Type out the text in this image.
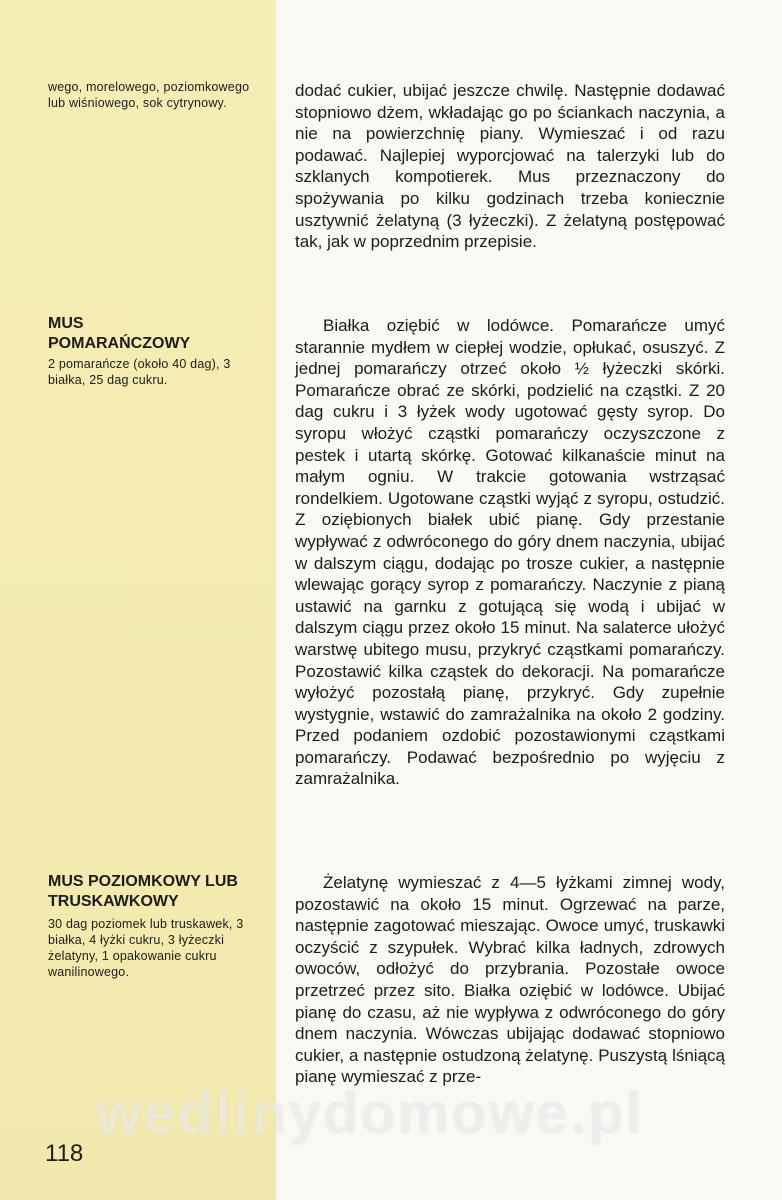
wego, morelowego, poziomkowego lub wiśniowego, sok cytrynowy.
MUS POMARAŃCZOWY
2 pomarańcze (około 40 dag), 3 białka, 25 dag cukru.
MUS POZIOMKOWY LUB TRUSKAWKOWY
30 dag poziomek lub truskawek, 3 białka, 4 łyżki cukru, 3 łyżeczki żelatyny, 1 opakowanie cukru wanilinowego.
dodać cukier, ubijać jeszcze chwilę. Następnie dodawać stopniowo dżem, wkładając go po ściankach naczynia, a nie na powierzchnię piany. Wymieszać i od razu podawać. Najlepiej wyporcjować na talerzyki lub do szklanych kompotierek. Mus przeznaczony do spożywania po kilku godzinach trzeba koniecznie usztywnić żelatyną (3 łyżeczki). Z żelatyną postępować tak, jak w poprzednim przepisie.
Białka oziębić w lodówce. Pomarańcze umyć starannie mydłem w ciepłej wodzie, opłukać, osuszyć. Z jednej pomarańczy otrzeć około ½ łyżeczki skórki. Pomarańcze obrać ze skórki, podzielić na cząstki. Z 20 dag cukru i 3 łyżek wody ugotować gęsty syrop. Do syropu włożyć cząstki pomarańczy oczyszczone z pestek i utartą skórkę. Gotować kilkanaście minut na małym ogniu. W trakcie gotowania wstrząsać rondelkiem. Ugotowane cząstki wyjąć z syropu, ostudzić. Z oziębionych białek ubić pianę. Gdy przestanie wypływać z odwróconego do góry dnem naczynia, ubijać w dalszym ciągu, dodając po trosze cukier, a następnie wlewając gorący syrop z pomarańczy. Naczynie z pianą ustawić na garnku z gotującą się wodą i ubijać w dalszym ciągu przez około 15 minut. Na salaterce ułożyć warstwę ubitego musu, przykryć cząstkami pomarańczy. Pozostawić kilka cząstek do dekoracji. Na pomarańcze wyłożyć pozostałą pianę, przykryć. Gdy zupełnie wystygnie, wstawić do zamrażalnika na około 2 godziny. Przed podaniem ozdobić pozostawionymi cząstkami pomarańczy. Podawać bezpośrednio po wyjęciu z zamrażalnika.
Żelatynę wymieszać z 4—5 łyżkami zimnej wody, pozostawić na około 15 minut. Ogrzewać na parze, następnie zagotować mieszając. Owoce umyć, truskawki oczyścić z szypułek. Wybrać kilka ładnych, zdrowych owoców, odłożyć do przybrania. Pozostałe owoce przetrzeć przez sito. Białka oziębić w lodówce. Ubijać pianę do czasu, aż nie wypływa z odwróconego do góry dnem naczynia. Wówczas ubijając dodawać stopniowo cukier, a następnie ostudzoną żelatynę. Puszystą lśniącą pianę wymieszać z prze-
118
wedlinydomowe.pl
